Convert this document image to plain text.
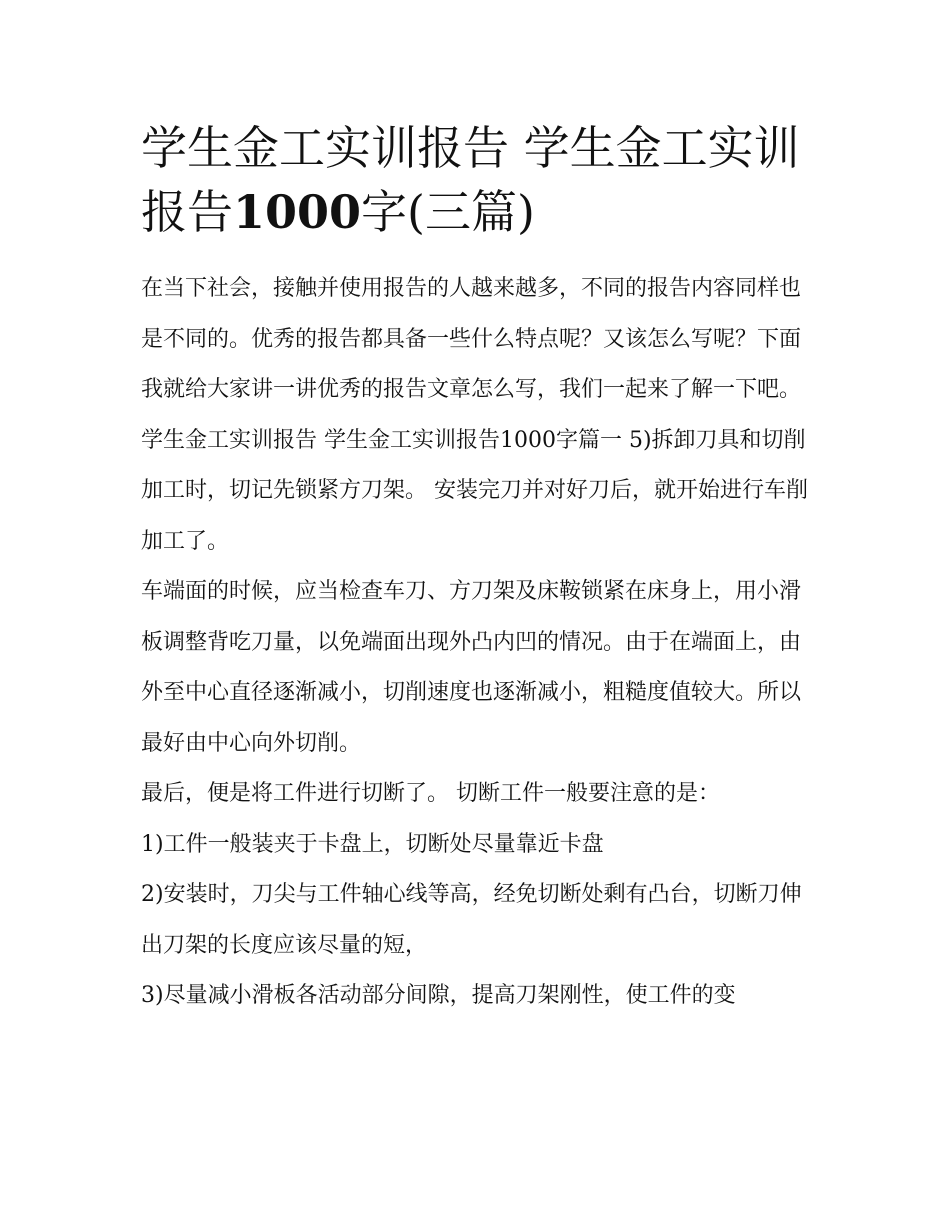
学生金工实训报告 学生金工实训报告1000字(三篇)

在当下社会，接触并使用报告的人越来越多，不同的报告内容同样也是不同的。优秀的报告都具备一些什么特点呢？又该怎么写呢？下面我就给大家讲一讲优秀的报告文章怎么写，我们一起来了解一下吧。

学生金工实训报告 学生金工实训报告1000字篇一 5)拆卸刀具和切削加工时，切记先锁紧方刀架。 安装完刀并对好刀后，就开始进行车削加工了。

车端面的时候，应当检查车刀、方刀架及床鞍锁紧在床身上，用小滑板调整背吃刀量，以免端面出现外凸内凹的情况。由于在端面上，由外至中心直径逐渐减小，切削速度也逐渐减小，粗糙度值较大。所以最好由中心向外切削。

最后，便是将工件进行切断了。 切断工件一般要注意的是：

1)工件一般装夹于卡盘上，切断处尽量靠近卡盘

2)安装时，刀尖与工件轴心线等高，经免切断处剩有凸台，切断刀伸出刀架的长度应该尽量的短，

3)尽量减小滑板各活动部分间隙，提高刀架刚性，使工件的变
